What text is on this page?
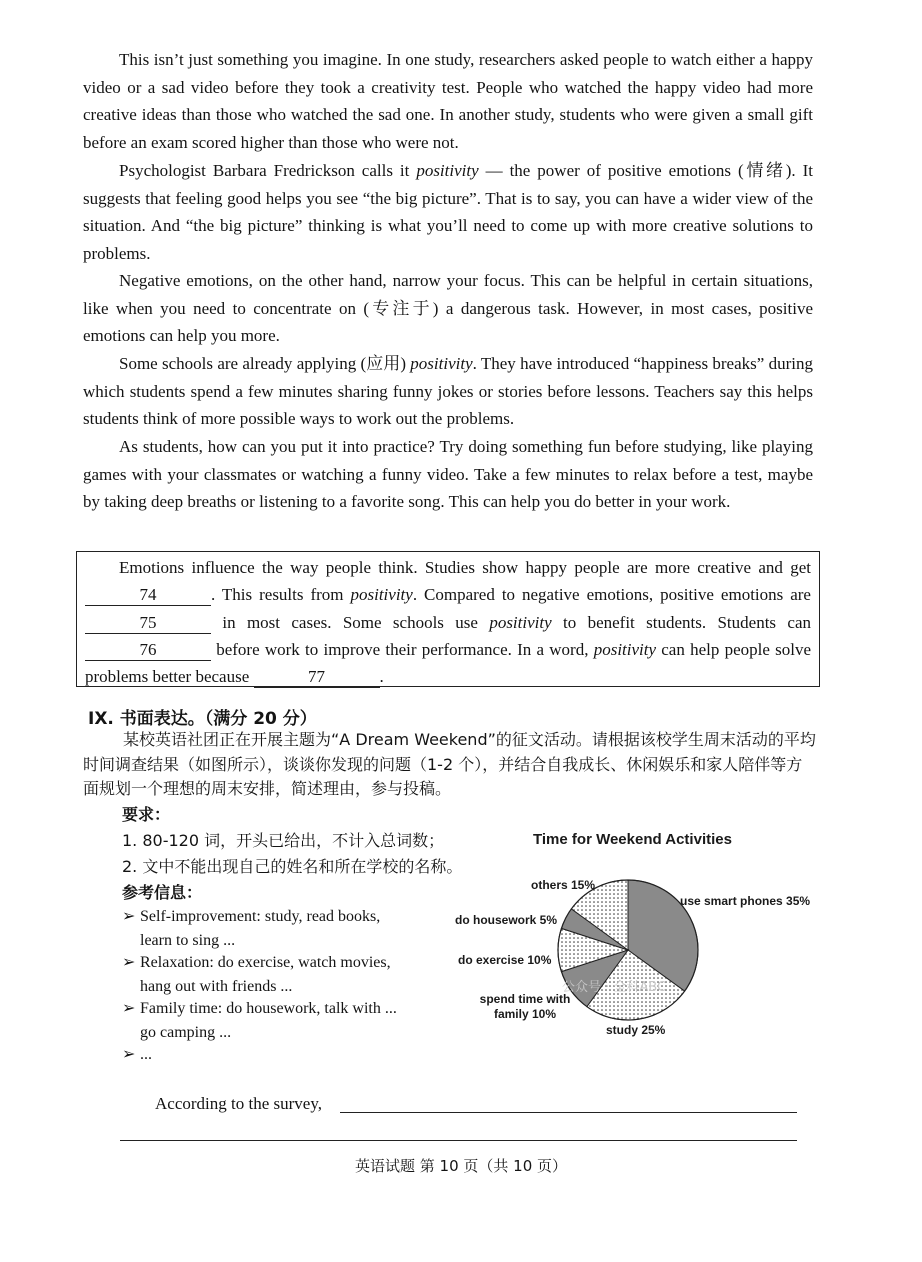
This isn’t just something you imagine. In one study, researchers asked people to watch either a happy video or a sad video before they took a creativity test. People who watched the happy video had more creative ideas than those who watched the sad one. In another study, students who were given a small gift before an exam scored higher than those who were not.

Psychologist Barbara Fredrickson calls it positivity — the power of positive emotions (情绪). It suggests that feeling good helps you see “the big picture”. That is to say, you can have a wider view of the situation. And “the big picture” thinking is what you’ll need to come up with more creative solutions to problems.

Negative emotions, on the other hand, narrow your focus. This can be helpful in certain situations, like when you need to concentrate on (专注于) a dangerous task. However, in most cases, positive emotions can help you more.

Some schools are already applying (应用) positivity. They have introduced “happiness breaks” during which students spend a few minutes sharing funny jokes or stories before lessons. Teachers say this helps students think of more possible ways to work out the problems.

As students, how can you put it into practice? Try doing something fun before studying, like playing games with your classmates or watching a funny video. Take a few minutes to relax before a test, maybe by taking deep breaths or listening to a favorite song. This can help you do better in your work.

Emotions influence the way people think. Studies show happy people are more creative and get 74	. This results from positivity. Compared to negative emotions, positive emotions are 75	in most cases. Some schools use positivity to benefit students. Students can 76	before work to improve their performance. In a word, positivity can help people solve problems better because	77	.

IX. 书面表达。（满分 20 分）

某校英语社团正在开展主题为“A Dream Weekend”的征文活动。请根据该校学生周末活动的平均时间调查结果（如图所示），谈谈你发现的问题（1-2 个），并结合自我成长、休闲娱乐和家人陪伴等方面规划一个理想的周末安排，简述理由，参与投稿。

要求：
1. 80-120 词，开头已给出，不计入总词数；
2. 文中不能出现自己的姓名和所在学校的名称。
参考信息：
➢ Self-improvement: study, read books,
learn to sing ...
➢ Relaxation: do exercise, watch movies,
hang out with friends ...
➢ Family time: do housework, talk with ...
go camping ...
➢ ...
Time for Weekend Activities
use smart phones 35%
study 25%
spend time with family 10%
do exercise 10%
do housework 5%
others 15%
公众号 · 全科ABC
According to the survey,
英语试题 第 10 页（共 10 页）
